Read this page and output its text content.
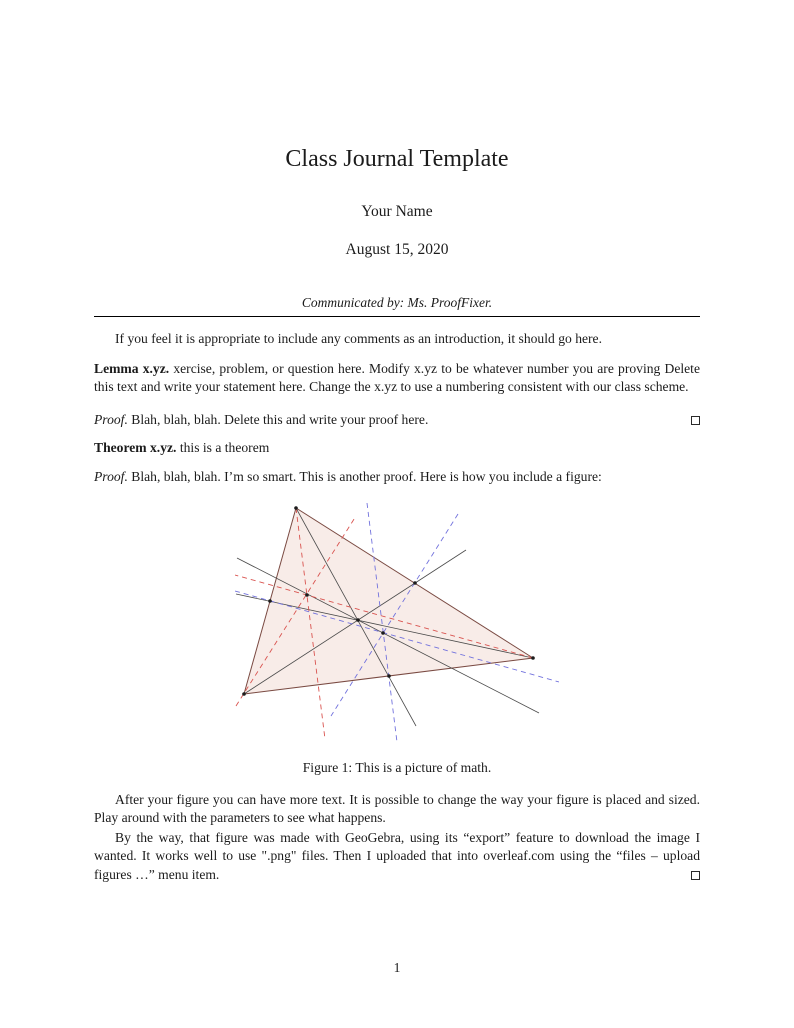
Class Journal Template
Your Name
August 15, 2020
Communicated by: Ms. ProofFixer.

If you feel it is appropriate to include any comments as an introduction, it should go here.

Lemma x.yz. xercise, problem, or question here. Modify x.yz to be whatever number you are proving Delete this text and write your statement here. Change the x.yz to use a numbering consistent with our class scheme.

Proof. Blah, blah, blah. Delete this and write your proof here.

Theorem x.yz. this is a theorem

Proof. Blah, blah, blah. I’m so smart. This is another proof. Here is how you include a figure:

Figure 1: This is a picture of math.

After your figure you can have more text. It is possible to change the way your figure is placed and sized. Play around with the parameters to see what happens.

By the way, that figure was made with GeoGebra, using its “export” feature to download the image I wanted. It works well to use ".png" files. Then I uploaded that into overleaf.com using the “files – upload figures …” menu item.

1
